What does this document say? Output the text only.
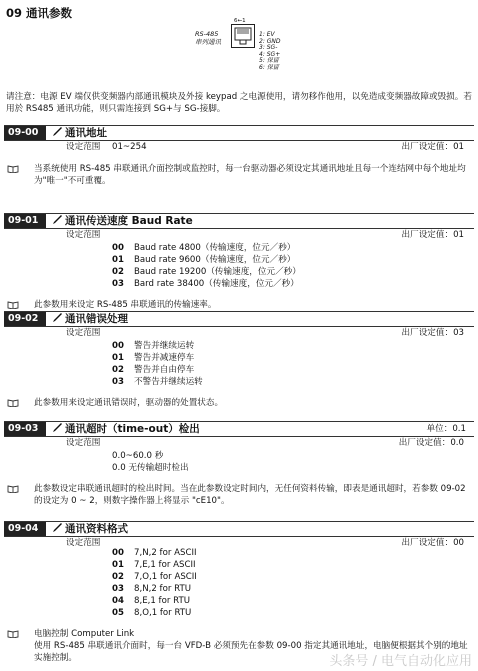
09 通讯参数
RS-485
串列通讯
6←1
1: EV
2: GND
3: SG-
4: SG+
5: 保留
6: 保留
请注意：电源 EV 端仅供变频器内部通讯模块及外接 keypad 之电源使用，请勿移作他用，以免造成变频器故障或毁损。若用於 RS485 通讯功能，则只需连接到 SG+与 SG-接脚。
09-00	通讯地址
设定范围	出厂设定值：01
01~254
当系统使用 RS-485 串联通讯介面控制或监控时，每一台驱动器必须设定其通讯地址且每一个连结网中每个地址均为"唯一"不可重覆。
09-01	通讯传送速度 Baud Rate
设定范围	出厂设定值：01
00 Baud rate 4800（传输速度，位元／秒）
01 Baud rate 9600（传输速度，位元／秒）
02 Baud rate 19200（传输速度，位元／秒）
03 Bard rate 38400（传输速度，位元／秒）
此参数用来设定 RS-485 串联通讯的传输速率。
09-02	通讯错误处理
设定范围	出厂设定值：03
00 警告并继续运转
01 警告并减速停车
02 警告并自由停车
03 不警告并继续运转
此参数用来设定通讯错误时，驱动器的处置状态。
09-03	通讯超时（time-out）检出	单位：0.1
设定范围	出厂设定值：0.0
0.0~60.0 秒
0.0 无传输超时检出
此参数设定串联通讯超时的检出时间。当在此参数设定时间内，无任何资料传输，即表是通讯超时，若参数 09-02 的设定为 0 ~ 2，则数字操作器上将显示 "cE10"。
09-04	通讯资料格式
设定范围	出厂设定值：00
00 7,N,2 for ASCII
01 7,E,1 for ASCII
02 7,O,1 for ASCII
03 8,N,2 for RTU
04 8,E,1 for RTU
05 8,O,1 for RTU
电脑控制 Computer Link
使用 RS-485 串联通讯介面时，每一台 VFD-B 必须预先在参数 09-00 指定其通讯地址，电脑便根据其个别的地址实施控制。	头条号 / 电气自动化应用
